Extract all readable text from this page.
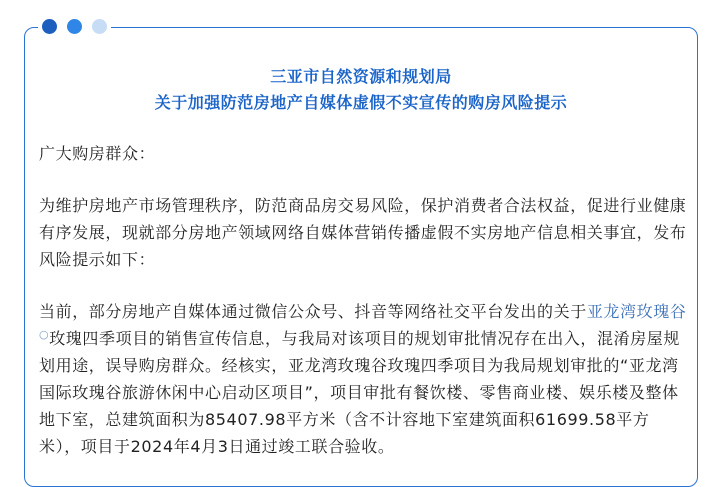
三亚市自然资源和规划局
关于加强防范房地产自媒体虚假不实宣传的购房风险提示
广大购房群众：
为维护房地产市场管理秩序，防范商品房交易风险，保护消费者合法权益，促进行业健康有序发展，现就部分房地产领域网络自媒体营销传播虚假不实房地产信息相关事宜，发布风险提示如下：
当前，部分房地产自媒体通过微信公众号、抖音等网络社交平台发出的关于亚龙湾玫瑰谷○玫瑰四季项目的销售宣传信息，与我局对该项目的规划审批情况存在出入，混淆房屋规划用途，误导购房群众。经核实，亚龙湾玫瑰谷玫瑰四季项目为我局规划审批的“亚龙湾国际玫瑰谷旅游休闲中心启动区项目”，项目审批有餐饮楼、零售商业楼、娱乐楼及整体地下室，总建筑面积为85407.98平方米（含不计容地下室建筑面积61699.58平方米），项目于2024年4月3日通过竣工联合验收。
